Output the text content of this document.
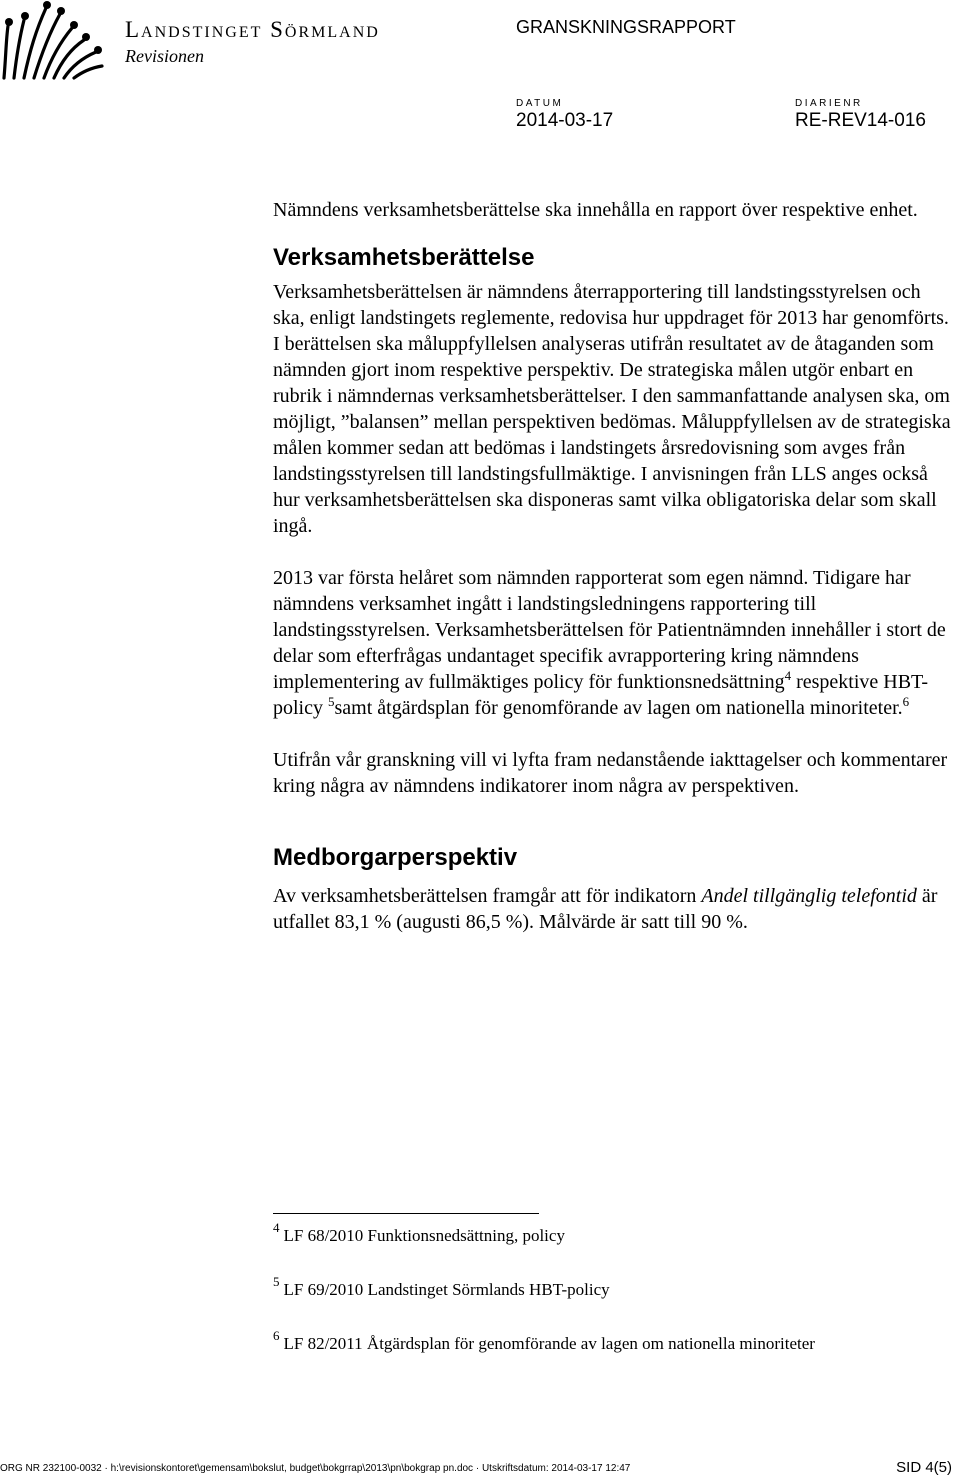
Landstinget Sörmland
Revisionen
GRANSKNINGSRAPPORT
DATUM
2014-03-17
DIARIENR
RE-REV14-016

Nämndens verksamhetsberättelse ska innehålla en rapport över respektive enhet.

Verksamhetsberättelse

Verksamhetsberättelsen är nämndens återrapportering till landstingsstyrelsen och ska, enligt landstingets reglemente, redovisa hur uppdraget för 2013 har genomförts. I berättelsen ska måluppfyllelsen analyseras utifrån resultatet av de åtaganden som nämnden gjort inom respektive perspektiv. De strategiska målen utgör enbart en rubrik i nämndernas verksamhetsberättelser. I den sammanfattande analysen ska, om möjligt, ”balansen” mellan perspektiven bedömas. Måluppfyllelsen av de strategiska målen kommer sedan att bedömas i landstingets årsredovisning som avges från landstingsstyrelsen till landstingsfullmäktige. I anvisningen från LLS anges också hur verksamhetsberättelsen ska disponeras samt vilka obligatoriska delar som skall ingå.

2013 var första helåret som nämnden rapporterat som egen nämnd. Tidigare har nämndens verksamhet ingått i landstingsledningens rapportering till landstingsstyrelsen. Verksamhetsberättelsen för Patientnämnden innehåller i stort de delar som efterfrågas undantaget specifik avrapportering kring nämndens implementering av fullmäktiges policy för funktionsnedsättning$^4$ respektive HBT-policy $^5$samt åtgärdsplan för genomförande av lagen om nationella minoriteter.$^6$

Utifrån vår granskning vill vi lyfta fram nedanstående iakttagelser och kommentarer kring några av nämndens indikatorer inom några av perspektiven.

Medborgarperspektiv

Av verksamhetsberättelsen framgår att för indikatorn Andel tillgänglig telefontid är utfallet 83,1 % (augusti 86,5 %). Målvärde är satt till 90 %.

$^4$ LF 68/2010 Funktionsnedsättning, policy
$^5$ LF 69/2010 Landstinget Sörmlands HBT-policy
$^6$ LF 82/2011 Åtgärdsplan för genomförande av lagen om nationella minoriteter
ORG NR 232100-0032 · h:\revisionskontoret\gemensam\bokslut, budget\bokgrrap\2013\pn\bokgrap pn.doc · Utskriftsdatum: 2014-03-17 12:47	SID 4(5)
